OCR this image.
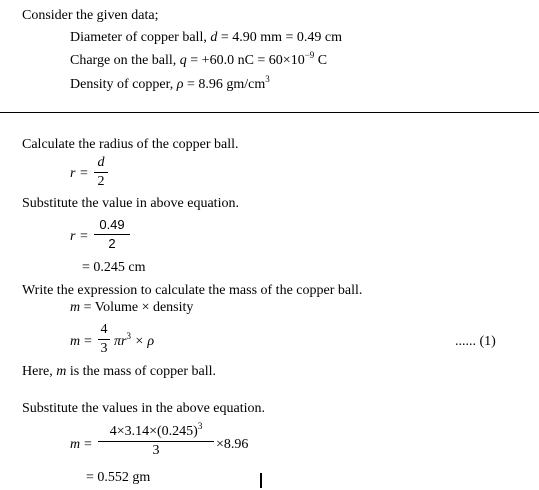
Consider the given data;
Diameter of copper ball, d = 4.90 mm = 0.49 cm
Charge on the ball, q = +60.0 nC = $60\times 10^{-9}$ C
Density of copper, ρ = 8.96 $gm/cm^3$
Calculate the radius of the copper ball.
r =
d
2
Substitute the value in above equation.
r =
0.49
2
= 0.245 cm
Write the expression to calculate the mass of the copper ball.
m = Volume × density
m =
4
3 $\pi r^3 \times \rho$	...... (1)
Here, m is the mass of copper ball.
Substitute the values in the above equation.
m =
$4\times 3.14\times(0.245)^3$
3	×8.96
= 0.552 gm
